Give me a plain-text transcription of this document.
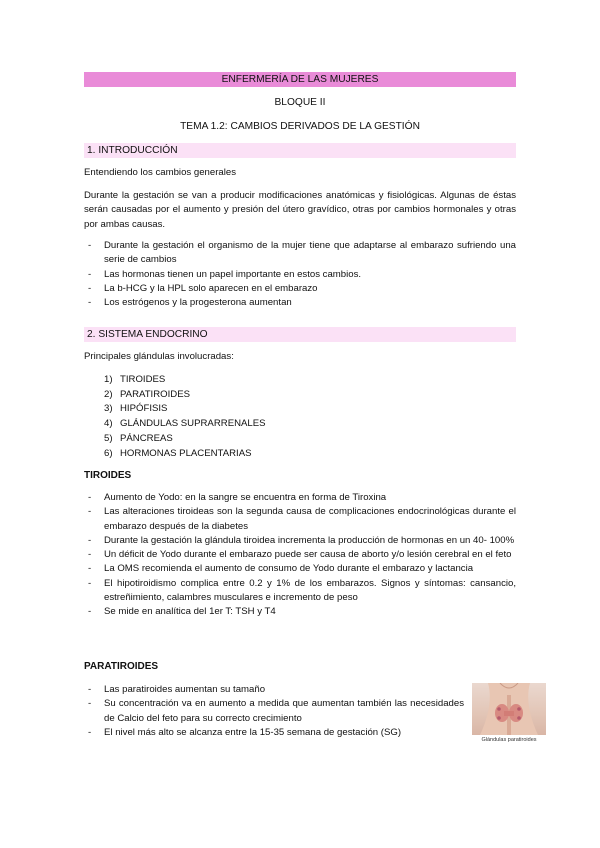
ENFERMERÍA DE LAS MUJERES
BLOQUE II
TEMA 1.2: CAMBIOS DERIVADOS DE LA GESTIÓN
1. INTRODUCCIÓN
Entendiendo los cambios generales

Durante la gestación se van a producir modificaciones anatómicas y fisiológicas. Algunas de éstas serán causadas por el aumento y presión del útero gravídico, otras por cambios hormonales y otras por ambas causas.

- Durante la gestación el organismo de la mujer tiene que adaptarse al embarazo sufriendo una serie de cambios
- Las hormonas tienen un papel importante en estos cambios.
- La b-HCG y la HPL solo aparecen en el embarazo
- Los estrógenos y la progesterona aumentan
2. SISTEMA ENDOCRINO
Principales glándulas involucradas:
1) TIROIDES
2) PARATIROIDES
3) HIPÓFISIS
4) GLÁNDULAS SUPRARRENALES
5) PÁNCREAS
6) HORMONAS PLACENTARIAS
TIROIDES
- Aumento de Yodo: en la sangre se encuentra en forma de Tiroxina
- Las alteraciones tiroideas son la segunda causa de complicaciones endocrinológicas durante el embarazo después de la diabetes
- Durante la gestación la glándula tiroidea incrementa la producción de hormonas en un 40- 100%
- Un déficit de Yodo durante el embarazo puede ser causa de aborto y/o lesión cerebral en el feto
- La OMS recomienda el aumento de consumo de Yodo durante el embarazo y lactancia
- El hipotiroidismo complica entre 0.2 y 1% de los embarazos. Signos y síntomas: cansancio, estreñimiento, calambres musculares e incremento de peso
- Se mide en analítica del 1er T: TSH y T4
PARATIROIDES
- Las paratiroides aumentan su tamaño
- Su concentración va en aumento a medida que aumentan también las necesidades de Calcio del feto para su correcto crecimiento
- El nivel más alto se alcanza entre la 15-35 semana de gestación (SG)
Glándulas paratiroides
